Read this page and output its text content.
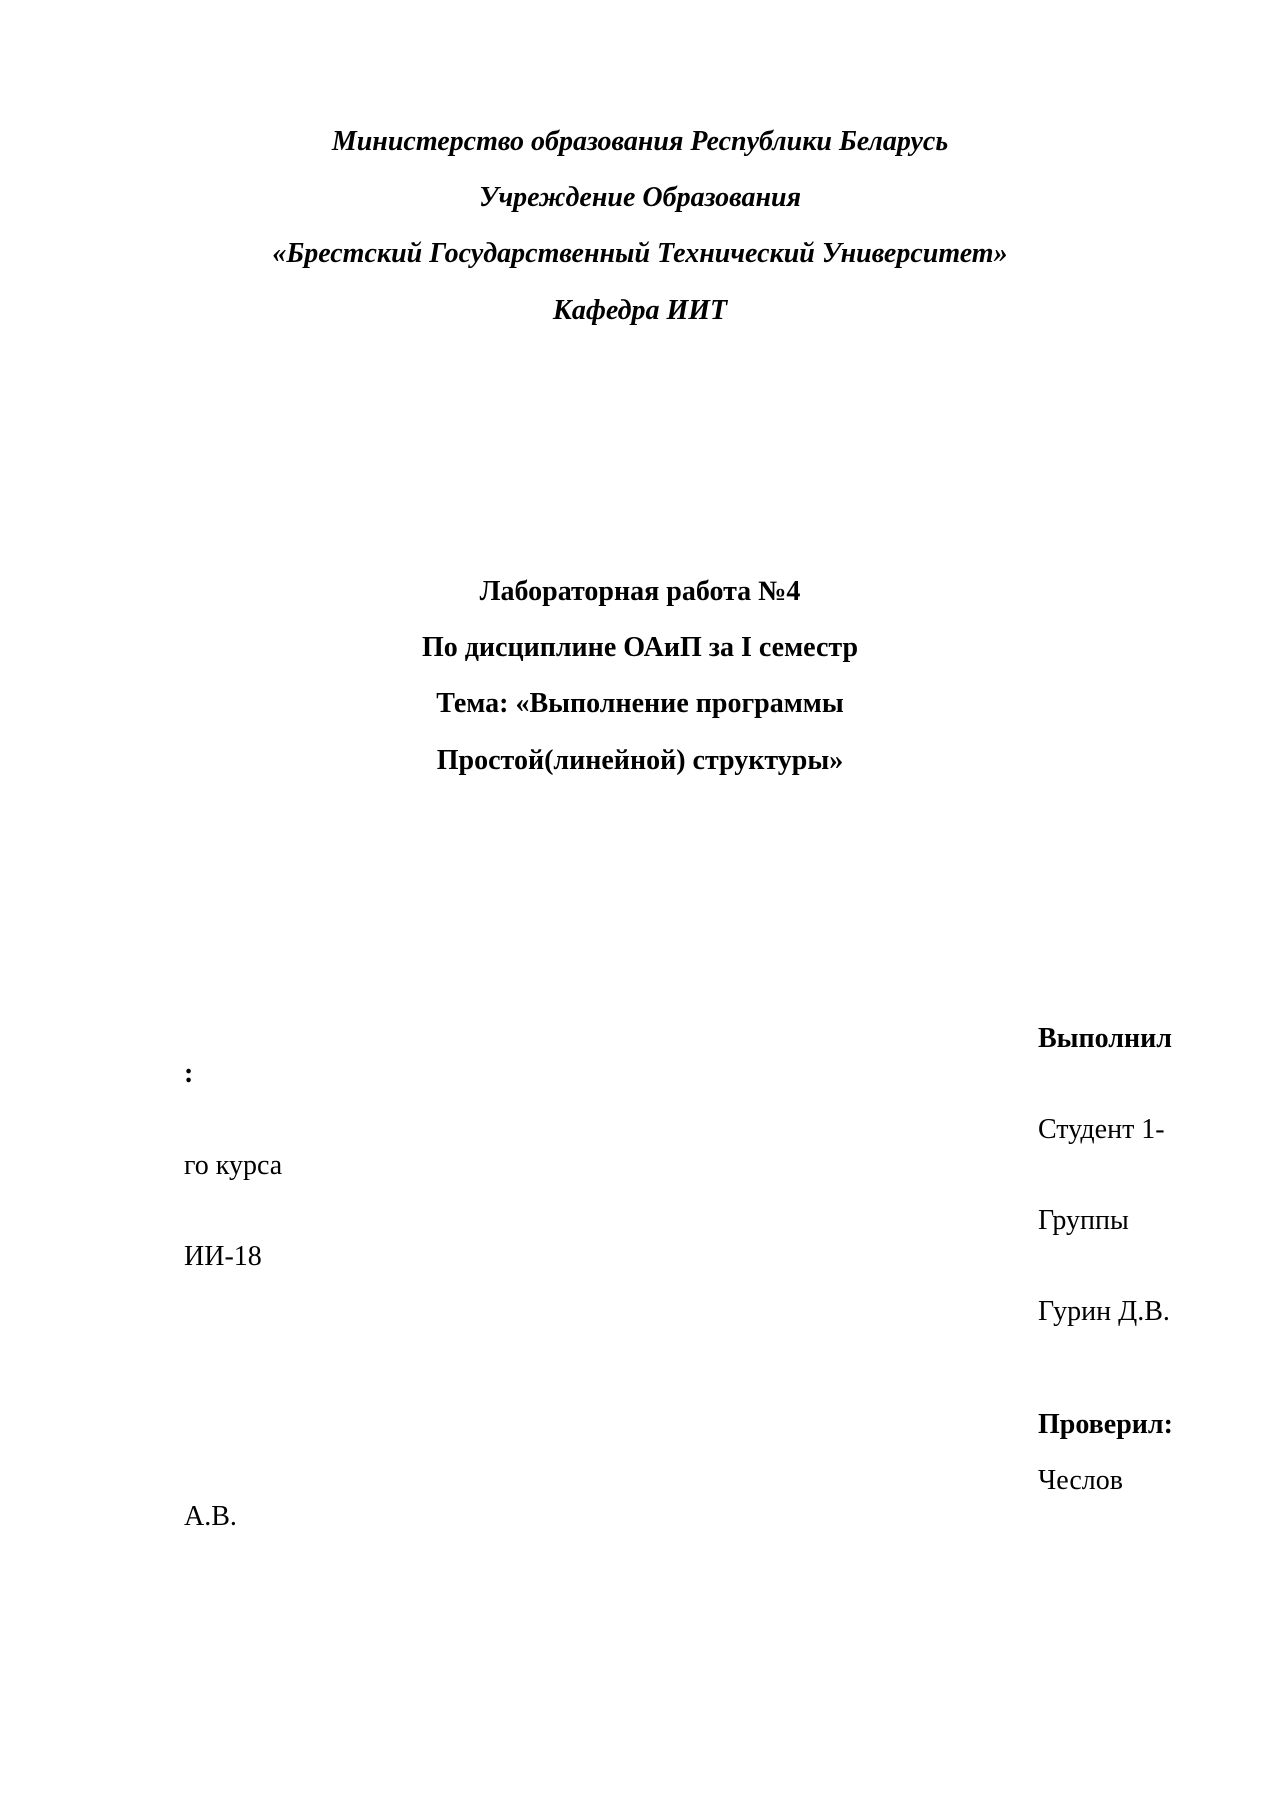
Министерство образования Республики Беларусь
Учреждение Образования
«Брестский Государственный Технический Университет»
Кафедра ИИТ
Лабораторная работа №4
По дисциплине ОАиП за I семестр
Тема: «Выполнение программы
Простой(линейной) структуры»
Выполнил
:
Студент 1-
го курса
Группы
ИИ-18
Гурин Д.В.
Проверил:
Чеслов
А.В.
